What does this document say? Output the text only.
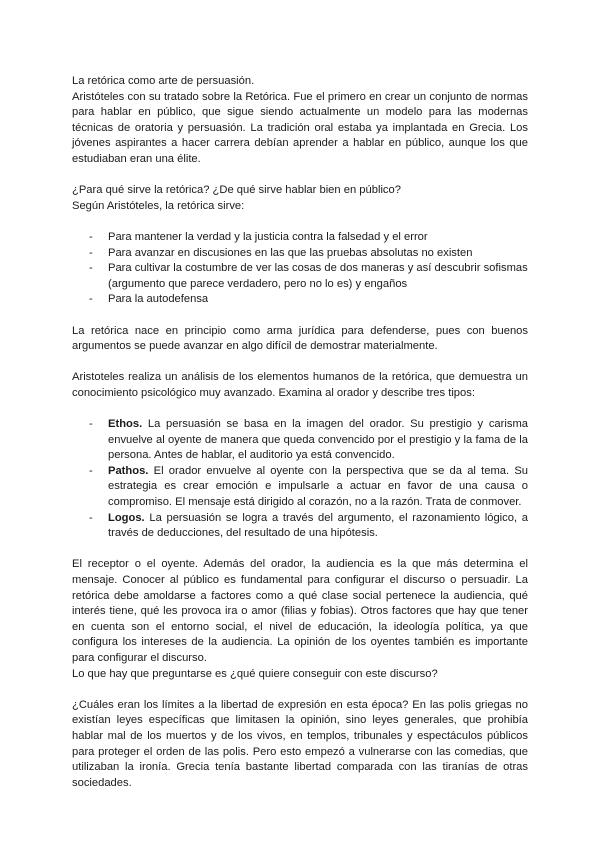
La retórica como arte de persuasión.

Aristóteles con su tratado sobre la Retórica. Fue el primero en crear un conjunto de normas para hablar en público, que sigue siendo actualmente un modelo para las modernas técnicas de oratoria y persuasión. La tradición oral estaba ya implantada en Grecia. Los jóvenes aspirantes a hacer carrera debían aprender a hablar en público, aunque los que estudiaban eran una élite.

¿Para qué sirve la retórica? ¿De qué sirve hablar bien en público?

Según Aristóteles, la retórica sirve:

- Para mantener la verdad y la justicia contra la falsedad y el error
- Para avanzar en discusiones en las que las pruebas absolutas no existen
- Para cultivar la costumbre de ver las cosas de dos maneras y así descubrir sofismas (argumento que parece verdadero, pero no lo es) y engaños
- Para la autodefensa

La retórica nace en principio como arma jurídica para defenderse, pues con buenos argumentos se puede avanzar en algo difícil de demostrar materialmente.

Aristoteles realiza un análisis de los elementos humanos de la retórica, que demuestra un conocimiento psicológico muy avanzado. Examina al orador y describe tres tipos:

- Ethos. La persuasión se basa en la imagen del orador. Su prestigio y carisma envuelve al oyente de manera que queda convencido por el prestigio y la fama de la persona. Antes de hablar, el auditorio ya está convencido.
- Pathos. El orador envuelve al oyente con la perspectiva que se da al tema. Su estrategia es crear emoción e impulsarle a actuar en favor de una causa o compromiso. El mensaje está dirigido al corazón, no a la razón. Trata de conmover.
- Logos. La persuasión se logra a través del argumento, el razonamiento lógico, a través de deducciones, del resultado de una hipótesis.

El receptor o el oyente. Además del orador, la audiencia es la que más determina el mensaje. Conocer al público es fundamental para configurar el discurso o persuadir. La retórica debe amoldarse a factores como a qué clase social pertenece la audiencia, qué interés tiene, qué les provoca ira o amor (filias y fobias). Otros factores que hay que tener en cuenta son el entorno social, el nivel de educación, la ideología política, ya que configura los intereses de la audiencia. La opinión de los oyentes también es importante para configurar el discurso.

Lo que hay que preguntarse es ¿qué quiere conseguir con este discurso?

¿Cuáles eran los límites a la libertad de expresión en esta época? En las polis griegas no existían leyes específicas que limitasen la opinión, sino leyes generales, que prohibía hablar mal de los muertos y de los vivos, en templos, tribunales y espectáculos públicos para proteger el orden de las polis. Pero esto empezó a vulnerarse con las comedias, que utilizaban la ironía. Grecia tenía bastante libertad comparada con las tiranías de otras sociedades.
